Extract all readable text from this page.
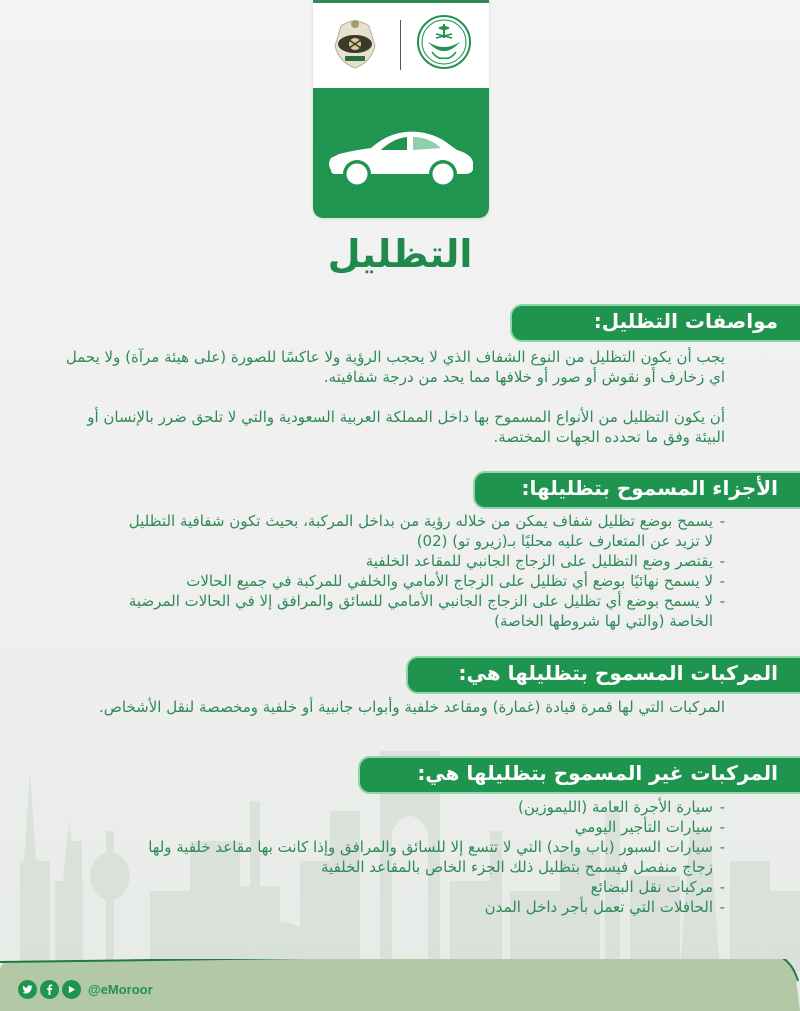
التظليل
مواصفات التظليل:

يجب أن يكون التظليل من النوع الشفاف الذي لا يحجب الرؤية ولا عاكسًا للصورة (على هيئة مرآة) ولا يحمل اي زخارف أو نقوش أو صور أو خلافها مما يحد من درجة شفافيته.

أن يكون التظليل من الأنواع المسموح بها داخل المملكة العربية السعودية والتي لا تلحق ضرر بالإنسان أو البيئة وفق ما تحدده الجهات المختصة.

الأجزاء المسموح بتظليلها:
- يسمح بوضع تظليل شفاف يمكن من خلاله رؤية من بداخل المركبة، بحيث تكون شفافية التظليل
لا تزيد عن المتعارف عليه محليًا بـ(زيرو تو) (02)
- يقتصر وضع التظليل على الزجاج الجانبي للمقاعد الخلفية
- لا يسمح نهائيًا بوضع أي تظليل على الزجاج الأمامي والخلفي للمركبة في جميع الحالات
- لا يسمح بوضع أي تظليل على الزجاج الجانبي الأمامي للسائق والمرافق إلا في الحالات المرضية
الخاصة (والتي لها شروطها الخاصة)
المركبات المسموح بتظليلها هي:

المركبات التي لها قمرة قيادة (غمارة) ومقاعد خلفية وأبواب جانبية أو خلفية ومخصصة لنقل الأشخاص.

المركبات غير المسموح بتظليلها هي:
- سيارة الأجرة العامة (الليموزين)
- سيارات التأجير اليومي
- سيارات السبور (باب واحد) التي لا تتسع إلا للسائق والمرافق وإذا كانت بها مقاعد خلفية ولها
زجاج منفصل فيسمح بتظليل ذلك الجزء الخاص بالمقاعد الخلفية
- مركبات نقل البضائع
- الحافلات التي تعمل بأجر داخل المدن
@eMoroor
